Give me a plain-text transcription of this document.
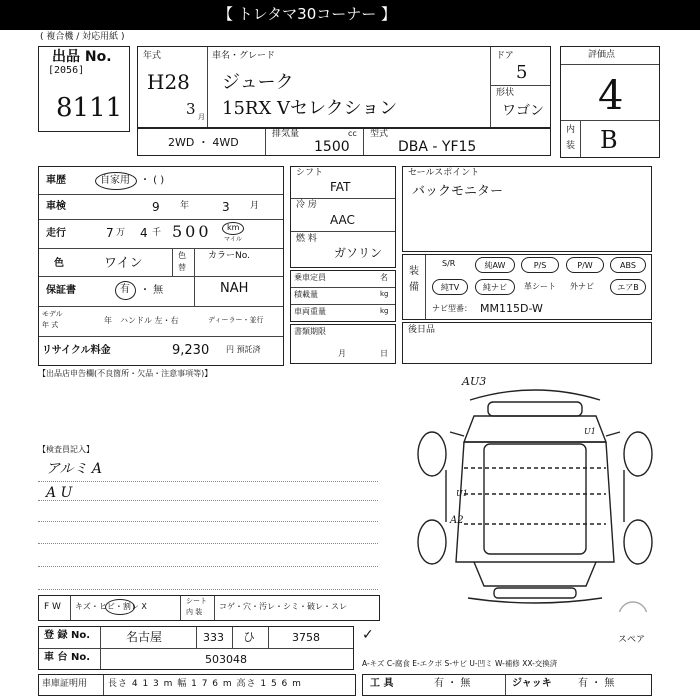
【 トレタマ30コーナー 】
( 複合機 / 対応用紙 )
出品 No.
[2056]
8111
年式
H28
3 月
車名・グレード
ジューク
15RX Vセレクション
ドア
5
形状
ワゴン
評価点
4
内
装 B
2WD ・ 4WD
排気量	cc
1500
型式
DBA - YF15
車歴	自家用 ・ ( )
車検	9 年	3 月
走行	7 万 4 千 500 km
マイル
色	ワイン
色
替
カラーNo.
NAH
保証書	有 ・ 無
モデル
年 式	年 ハンドル 左・右	ディーラー・並行
リサイクル料金	9,230 円 預託済
シフト
FAT
冷 房
AAC
燃 料
ガソリン
乗車定員	名
積載量	kg
車両重量	kg
書類期限
月	日
セールスポイント
バックモニター
装
備
S/R	純AW	P/S	P/W	ABS
純TV	純ナビ	革シート 外ナビ	エアB
ナビ型番： MM115D-W
後日品
【出品店申告欄(不良箇所・欠品・注意事項等)】
【検査員記入】
アルミ A
A U
AU3
U1
U1
A2
スペア
F W キズ・ヒビ・割レ X
シート
内 装
コゲ・穴・汚レ・シミ・破レ・スレ
登 録 No.	名古屋	333 ひ	3758
車 台 No.	503048
✓
A-キズ C-腐食 E-エクボ S-サビ U-凹ミ W-補修 XX-交換済
車庫証明用 長さ 4 1 3 m 幅 1 7 6 m 高さ 1 5 6 m	工 具	有 ・ 無	ジャッキ	有 ・ 無
